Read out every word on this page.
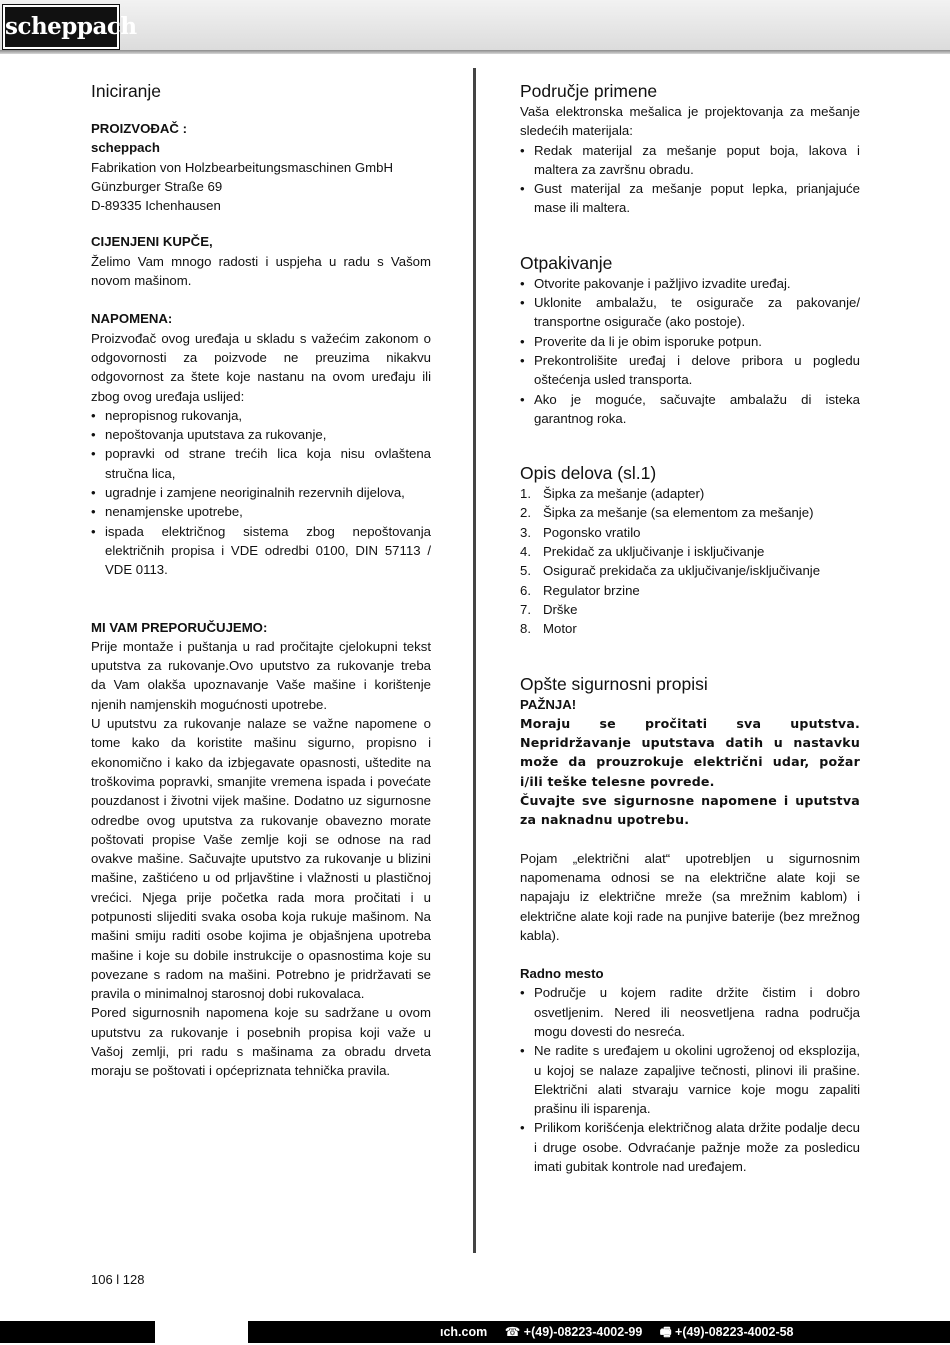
scheppach
Iniciranje
PROIZVOĐAČ :
scheppach
Fabrikation von Holzbearbeitungsmaschinen GmbH
Günzburger Straße 69
D-89335 Ichenhausen
CIJENJENI KUPČE,

Želimo Vam mnogo radosti i uspjeha u radu s Vašom novom mašinom.

NAPOMENA:

Proizvođač ovog uređaja u skladu s važećim zakonom o odgovornosti za poizvode ne preuzima nikakvu odgovornost za štete koje nastanu na ovom uređaju ili zbog ovog uređaja uslijed:

• nepropisnog rukovanja,
• nepoštovanja uputstava za rukovanje,
• popravki od strane trećih lica koja nisu ovlaštena stručna lica,
• ugradnje i zamjene neoriginalnih rezervnih dijelova,
• nenamjenske upotrebe,
• ispada električnog sistema zbog nepoštovanja električnih propisa i VDE odredbi 0100, DIN 57113 / VDE 0113.
MI VAM PREPORUČUJEMO:

Prije montaže i puštanja u rad pročitajte cjelokupni tekst uputstva za rukovanje.Ovo uputstvo za rukovanje treba da Vam olakša upoznavanje Vaše mašine i korištenje njenih namjenskih mogućnosti upotrebe.

U uputstvu za rukovanje nalaze se važne napomene o tome kako da koristite mašinu sigurno, propisno i ekonomično i kako da izbjegavate opasnosti, uštedite na troškovima popravki, smanjite vremena ispada i povećate pouzdanost i životni vijek mašine. Dodatno uz sigurnosne odredbe ovog uputstva za rukovanje obavezno morate poštovati propise Vaše zemlje koji se odnose na rad ovakve mašine. Sačuvajte uputstvo za rukovanje u blizini mašine, zaštićeno u od prljavštine i vlažnosti u plastičnoj vrećici. Njega prije početka rada mora pročitati i u potpunosti slijediti svaka osoba koja rukuje mašinom. Na mašini smiju raditi osobe kojima je objašnjena upotreba mašine i koje su dobile instrukcije o opasnostima koje su povezane s radom na mašini. Potrebno je pridržavati se pravila o minimalnoj starosnoj dobi rukovalaca.

Pored sigurnosnih napomena koje su sadržane u ovom uputstvu za rukovanje i posebnih propisa koji važe u Vašoj zemlji, pri radu s mašinama za obradu drveta moraju se poštovati i općepriznata tehnička pravila.

Područje primene

Vaša elektronska mešalica je projektovanja za mešanje sledećih materijala:

• Redak materijal za mešanje poput boja, lakova i maltera za završnu obradu.
• Gust materijal za mešanje poput lepka, prianjajuće mase ili maltera.
Otpakivanje
• Otvorite pakovanje i pažljivo izvadite uređaj.
• Uklonite ambalažu, te osigurače za pakovanje/ transportne osigurače (ako postoje).
• Proverite da li je obim isporuke potpun.
• Prekontrolišite uređaj i delove pribora u pogledu oštećenja usled transporta.
• Ako je moguće, sačuvajte ambalažu di isteka garantnog roka.
Opis delova (sl.1)
1. Šipka za mešanje (adapter)
2. Šipka za mešanje (sa elementom za mešanje)
3. Pogonsko vratilo
4. Prekidač za uključivanje i isključivanje
5. Osigurač prekidača za uključivanje/isključivanje
6. Regulator brzine
7. Drške
8. Motor
Opšte sigurnosni propisi
PAŽNJA!

Moraju se pročitati sva uputstva. Nepridržavanje uputstava datih u nastavku može da prouzrokuje električni udar, požar i/ili teške telesne povrede.

Čuvajte sve sigurnosne napomene i uputstva za naknadnu upotrebu.

Pojam „električni alat“ upotrebljen u sigurnosnim napomenama odnosi se na električne alate koji se napajaju iz električne mreže (sa mrežnim kablom) i električne alate koji rade na punjive baterije (bez mrežnog kabla).

Radno mesto
• Područje u kojem radite držite čistim i dobro osvetljenim. Nered ili neosvetljena radna područja mogu dovesti do nesreća.
• Ne radite s uređajem u okolini ugroženoj od eksplozija, u kojoj se nalaze zapaljive tečnosti, plinovi ili prašine. Električni alati stvaraju varnice koje mogu zapaliti prašinu ili isparenja.
• Prilikom korišćenja električnog alata držite podalje decu i druge osobe. Odvraćanje pažnje može za posledicu imati gubitak kontrole nad uređajem.
106 l 128
ıch.com ☎ +(49)-08223-4002-99 🖷 +(49)-08223-4002-58
